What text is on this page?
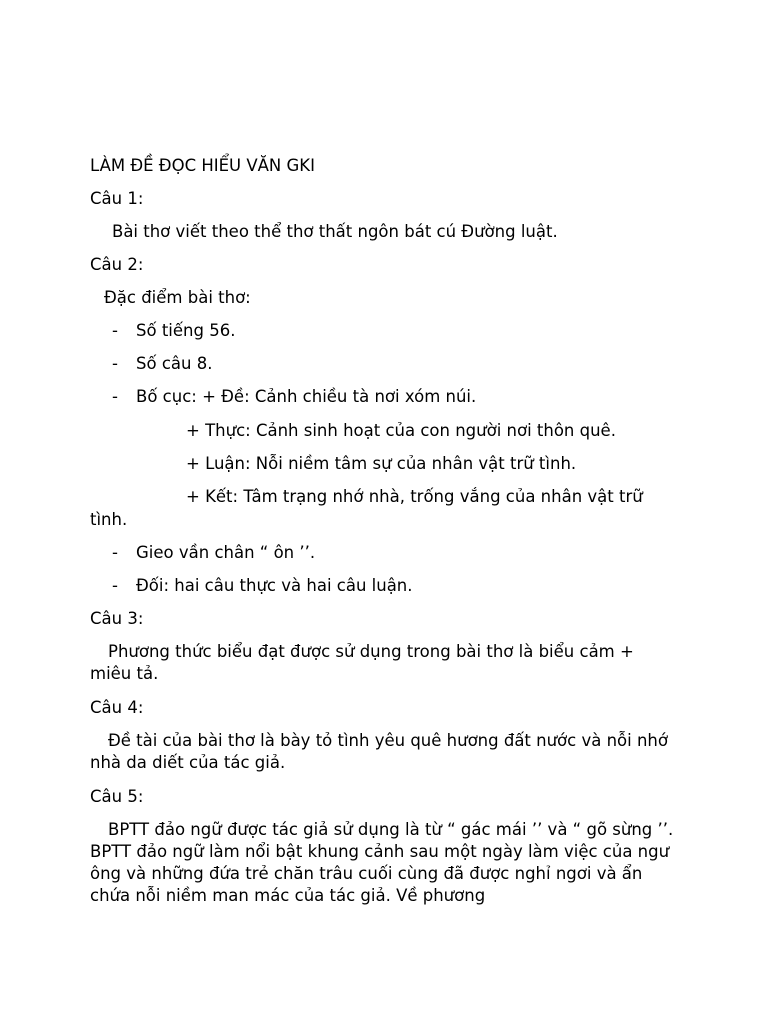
LÀM ĐỀ ĐỌC HIỂU VĂN GKI
Câu 1:
Bài thơ viết theo thể thơ thất ngôn bát cú Đường luật.
Câu 2:
Đặc điểm bài thơ:
- Số tiếng 56.
- Số câu 8.
- Bố cục: + Đề: Cảnh chiều tà nơi xóm núi.
+ Thực: Cảnh sinh hoạt của con người nơi thôn quê.
+ Luận: Nỗi niềm tâm sự của nhân vật trữ tình.
+ Kết: Tâm trạng nhớ nhà, trống vắng của nhân vật trữ
tình.
- Gieo vần chân “ ôn ’’.
- Đối: hai câu thực và hai câu luận.
Câu 3:
Phương thức biểu đạt được sử dụng trong bài thơ là biểu cảm + miêu tả.
Câu 4:
Đề tài của bài thơ là bày tỏ tình yêu quê hương đất nước và nỗi nhớ nhà da diết của tác giả.
Câu 5:
BPTT đảo ngữ được tác giả sử dụng là từ “ gác mái ’’ và “ gõ sừng ’’. BPTT đảo ngữ làm nổi bật khung cảnh sau một ngày làm việc của ngư ông và những đứa trẻ chăn trâu cuối cùng đã được nghỉ ngơi và ẩn chứa nỗi niềm man mác của tác giả. Về phương
